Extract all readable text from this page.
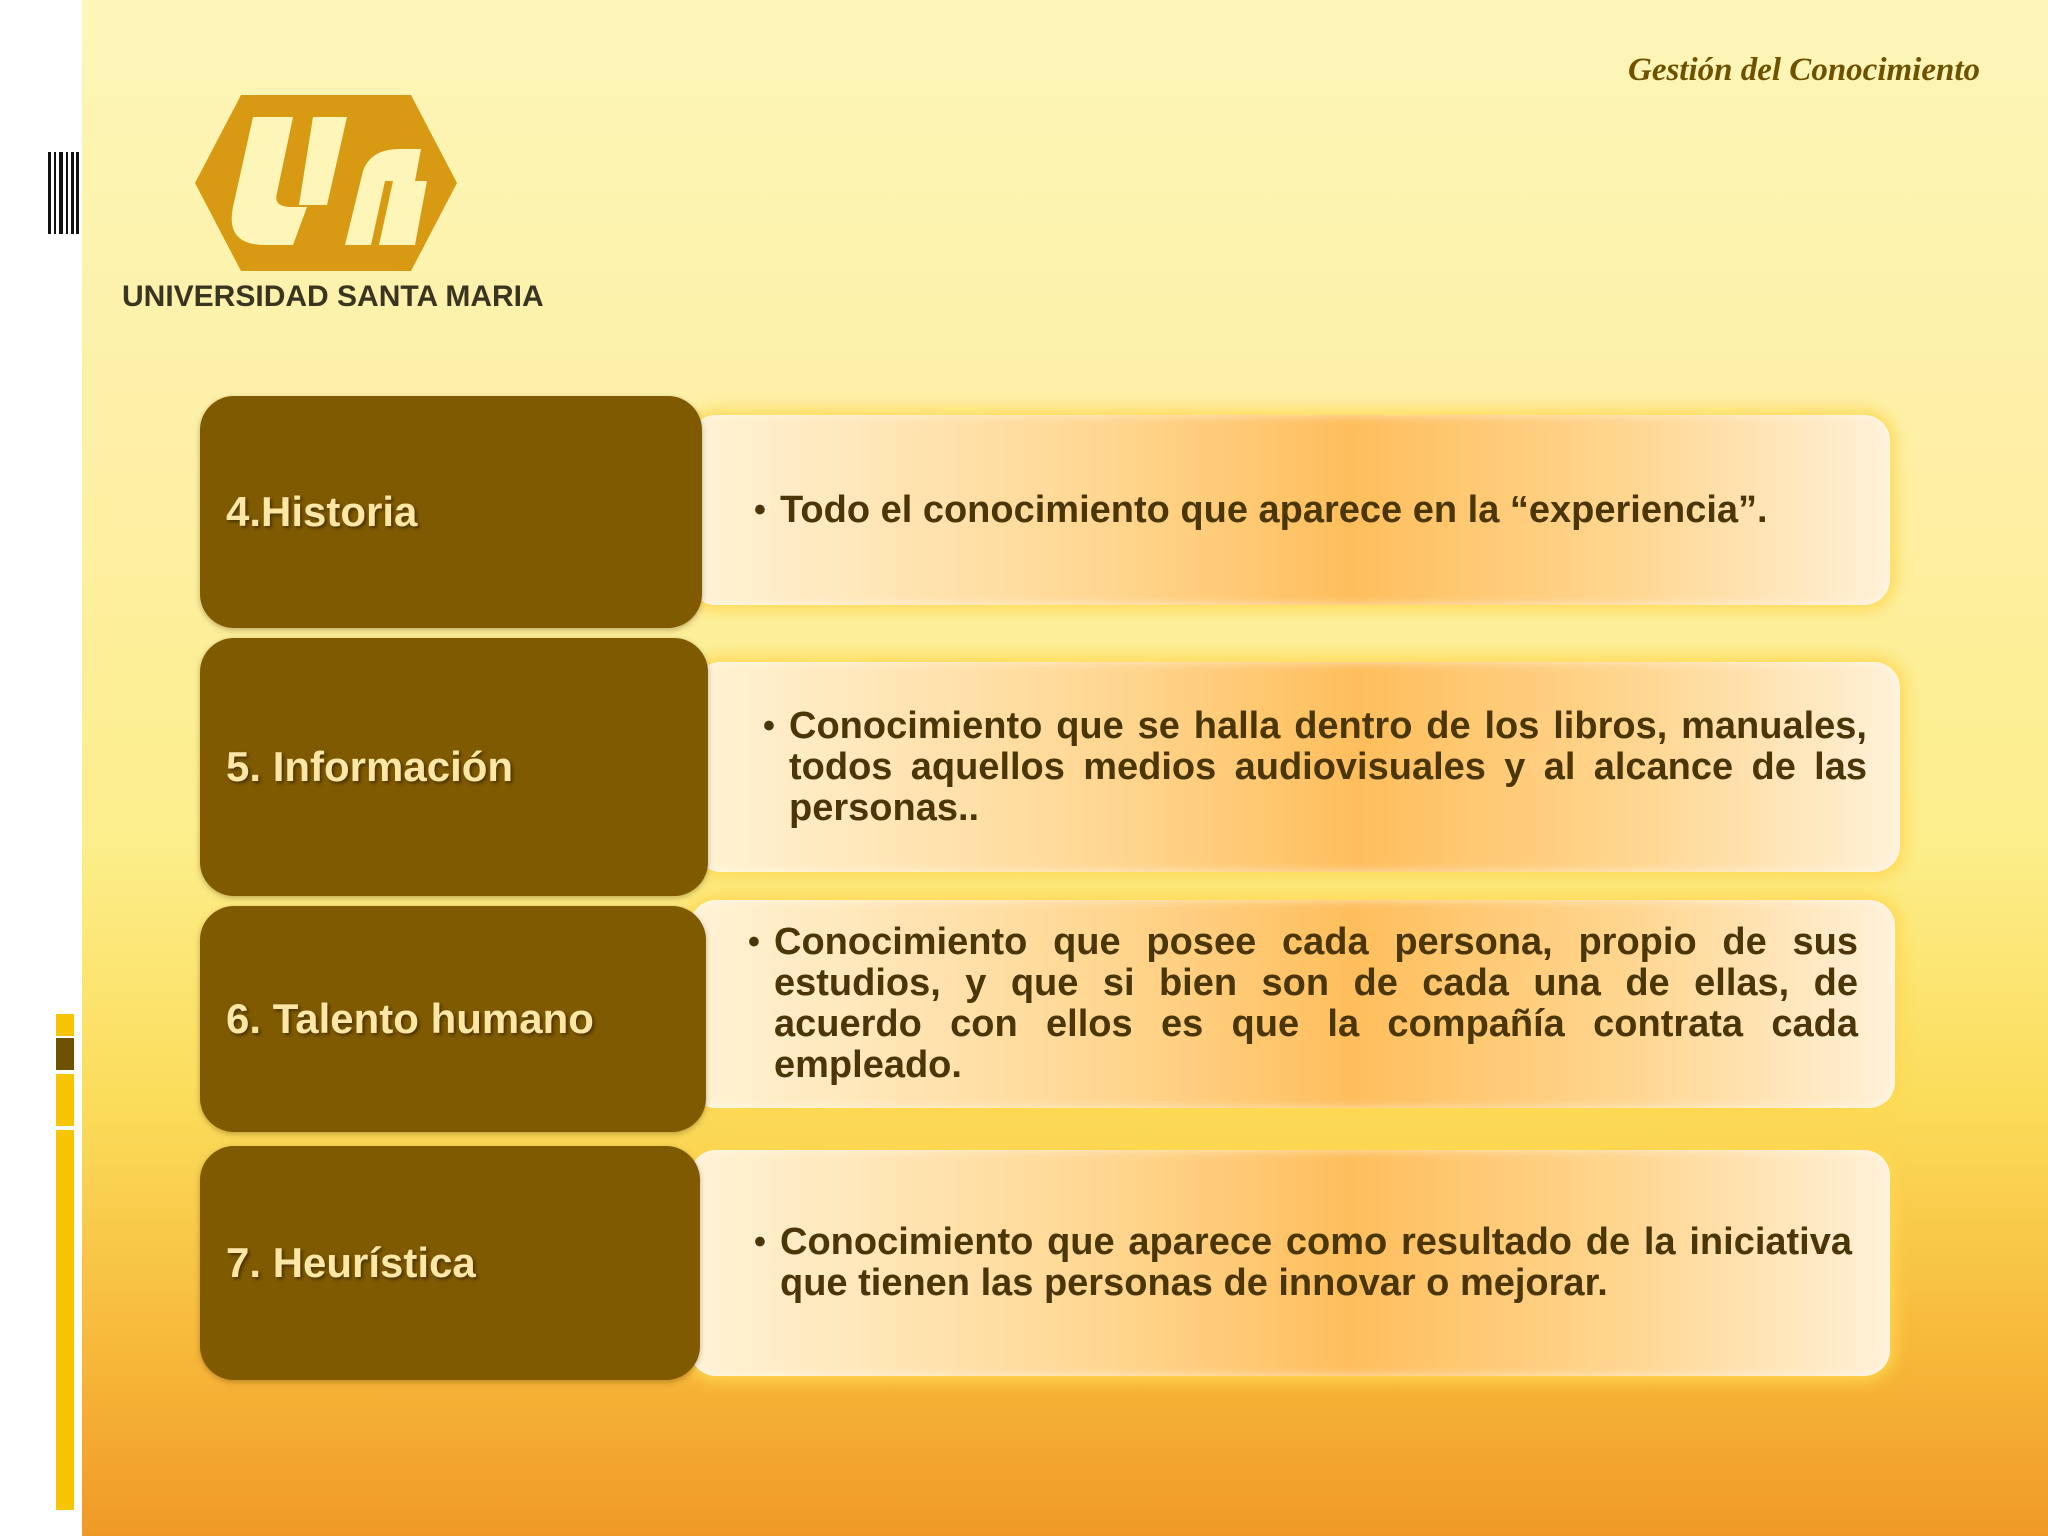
Gestión del Conocimiento
UNIVERSIDAD SANTA MARIA
• Todo el conocimiento que aparece en la “experiencia”.
4.Historia
• Conocimiento que se halla dentro de los libros, manuales, todos aquellos medios audiovisuales y al alcance de las personas..
5. Información
• Conocimiento que posee cada persona, propio de sus estudios, y que si bien son de cada una de ellas, de acuerdo con ellos es que la compañía contrata cada empleado.
6. Talento humano
• Conocimiento que aparece como resultado de la iniciativa que tienen las personas de innovar o mejorar.
7. Heurística
